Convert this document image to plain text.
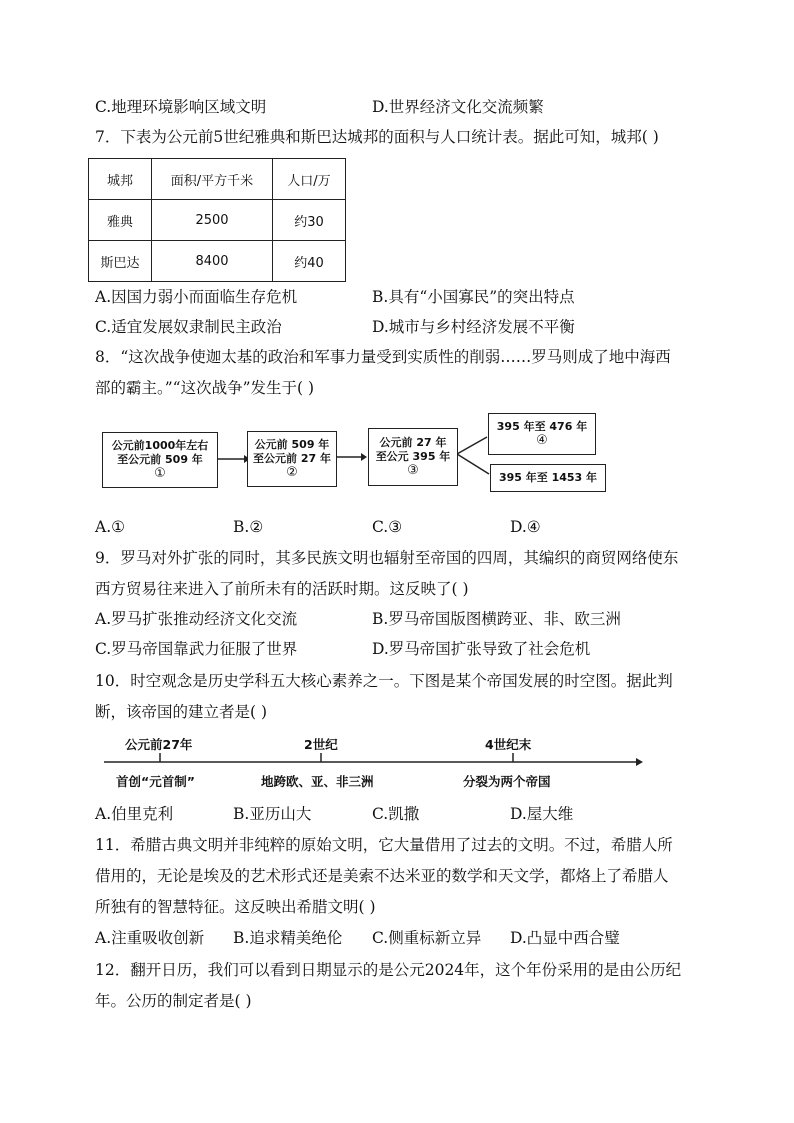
C.地理环境影响区域文明	D.世界经济文化交流频繁
7．下表为公元前5世纪雅典和斯巴达城邦的面积与人口统计表。据此可知，城邦( )
城邦	面积/平方千米	人口/万
雅典	2500	约30
斯巴达	8400	约40
A.因国力弱小而面临生存危机	B.具有“小国寡民”的突出特点
C.适宜发展奴隶制民主政治	D.城市与乡村经济发展不平衡
8．“这次战争使迦太基的政治和军事力量受到实质性的削弱……罗马则成了地中海西
部的霸主。”“这次战争”发生于( )
公元前1000年左右
至公元前 509 年
①
公元前 509 年
至公元前 27 年
②
公元前 27 年
至公元 395 年
③
395 年至 476 年
④
395 年至 1453 年
A.①	B.②	C.③	D.④
9．罗马对外扩张的同时，其多民族文明也辐射至帝国的四周，其编织的商贸网络使东
西方贸易往来进入了前所未有的活跃时期。这反映了( )
A.罗马扩张推动经济文化交流	B.罗马帝国版图横跨亚、非、欧三洲
C.罗马帝国靠武力征服了世界	D.罗马帝国扩张导致了社会危机
10．时空观念是历史学科五大核心素养之一。下图是某个帝国发展的时空图。据此判
断，该帝国的建立者是( )
公元前27年	2世纪	4世纪末
首创“元首制”	地跨欧、亚、非三洲	分裂为两个帝国
A.伯里克利	B.亚历山大	C.凯撒	D.屋大维
11．希腊古典文明并非纯粹的原始文明，它大量借用了过去的文明。不过，希腊人所
借用的，无论是埃及的艺术形式还是美索不达米亚的数学和天文学，都烙上了希腊人
所独有的智慧特征。这反映出希腊文明( )
A.注重吸收创新 B.追求精美绝伦 C.侧重标新立异 D.凸显中西合璧
12．翻开日历，我们可以看到日期显示的是公元2024年，这个年份采用的是由公历纪
年。公历的制定者是( )
